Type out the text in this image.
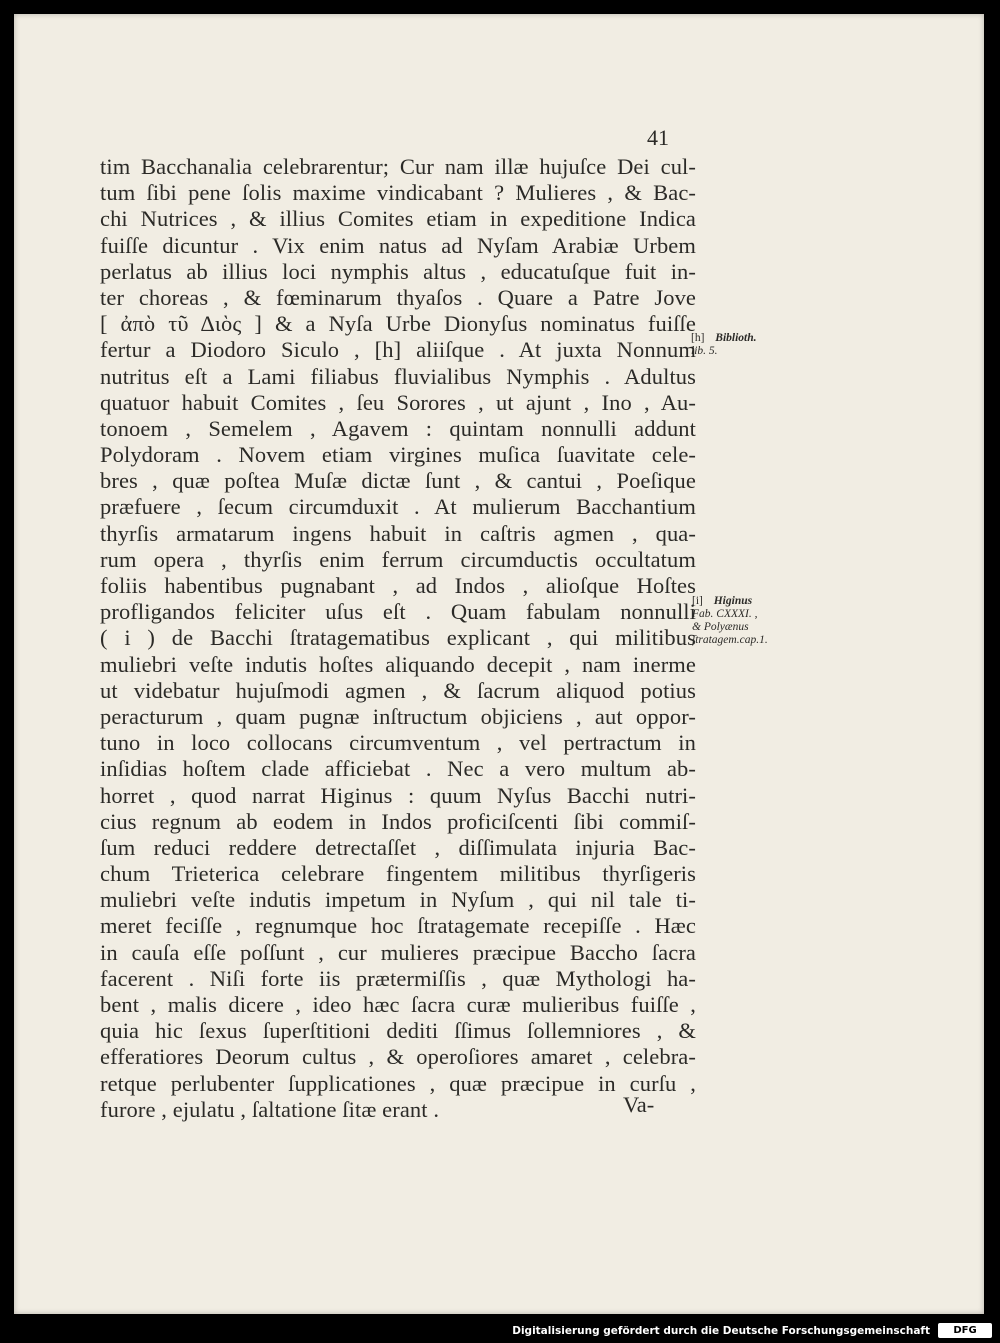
41
tim Bacchanalia celebrarentur; Cur nam illæ hujuſce Dei cul-
tum ſibi pene ſolis maxime vindicabant ? Mulieres , & Bac-
chi Nutrices , & illius Comites etiam in expeditione Indica
fuiſſe dicuntur . Vix enim natus ad Nyſam Arabiæ Urbem
perlatus ab illius loci nymphis altus , educatuſque fuit in-
ter choreas , & fœminarum thyaſos . Quare a Patre Jove
[ ἀπὸ τῦ Διὸς ] & a Nyſa Urbe Dionyſus nominatus fuiſſe
fertur a Diodoro Siculo , [h] aliiſque . At juxta Nonnum
nutritus eſt a Lami filiabus fluvialibus Nymphis . Adultus
quatuor habuit Comites , ſeu Sorores , ut ajunt , Ino , Au-
tonoem , Semelem , Agavem : quintam nonnulli addunt
Polydoram . Novem etiam virgines muſica ſuavitate cele-
bres , quæ poſtea Muſæ dictæ ſunt , & cantui , Poeſique
præfuere , ſecum circumduxit . At mulierum Bacchantium
thyrſis armatarum ingens habuit in caſtris agmen , qua-
rum opera , thyrſis enim ferrum circumductis occultatum
foliis habentibus pugnabant , ad Indos , alioſque Hoſtes
profligandos feliciter uſus eſt . Quam fabulam nonnulli
( i ) de Bacchi ſtratagematibus explicant , qui militibus
muliebri veſte indutis hoſtes aliquando decepit , nam inerme
ut videbatur hujuſmodi agmen , & ſacrum aliquod potius
peracturum , quam pugnæ inſtructum objiciens , aut oppor-
tuno in loco collocans circumventum , vel pertractum in
inſidias hoſtem clade afficiebat . Nec a vero multum ab-
horret , quod narrat Higinus : quum Nyſus Bacchi nutri-
cius regnum ab eodem in Indos proficiſcenti ſibi commiſ-
ſum reduci reddere detrectaſſet , diſſimulata injuria Bac-
chum Trieterica celebrare fingentem militibus thyrſigeris
muliebri veſte indutis impetum in Nyſum , qui nil tale ti-
meret feciſſe , regnumque hoc ſtratagemate recepiſſe . Hæc
in cauſa eſſe poſſunt , cur mulieres præcipue Baccho ſacra
facerent . Niſi forte iis prætermiſſis , quæ Mythologi ha-
bent , malis dicere , ideo hæc ſacra curæ mulieribus fuiſſe ,
quia hic ſexus ſuperſtitioni dediti ſſimus ſollemniores , &
efferatiores Deorum cultus , & operoſiores amaret , celebra-
retque perlubenter ſupplicationes , quæ præcipue in curſu ,
furore , ejulatu , ſaltatione ſitæ erant .	Va-
[h] Biblioth.
lib. 5.
[i] Higinus
Fab. CXXXI. ,
& Polyænus
ſtratagem.cap.1.
Digitalisierung gefördert durch die Deutsche Forschungsgemeinschaft	DFG
